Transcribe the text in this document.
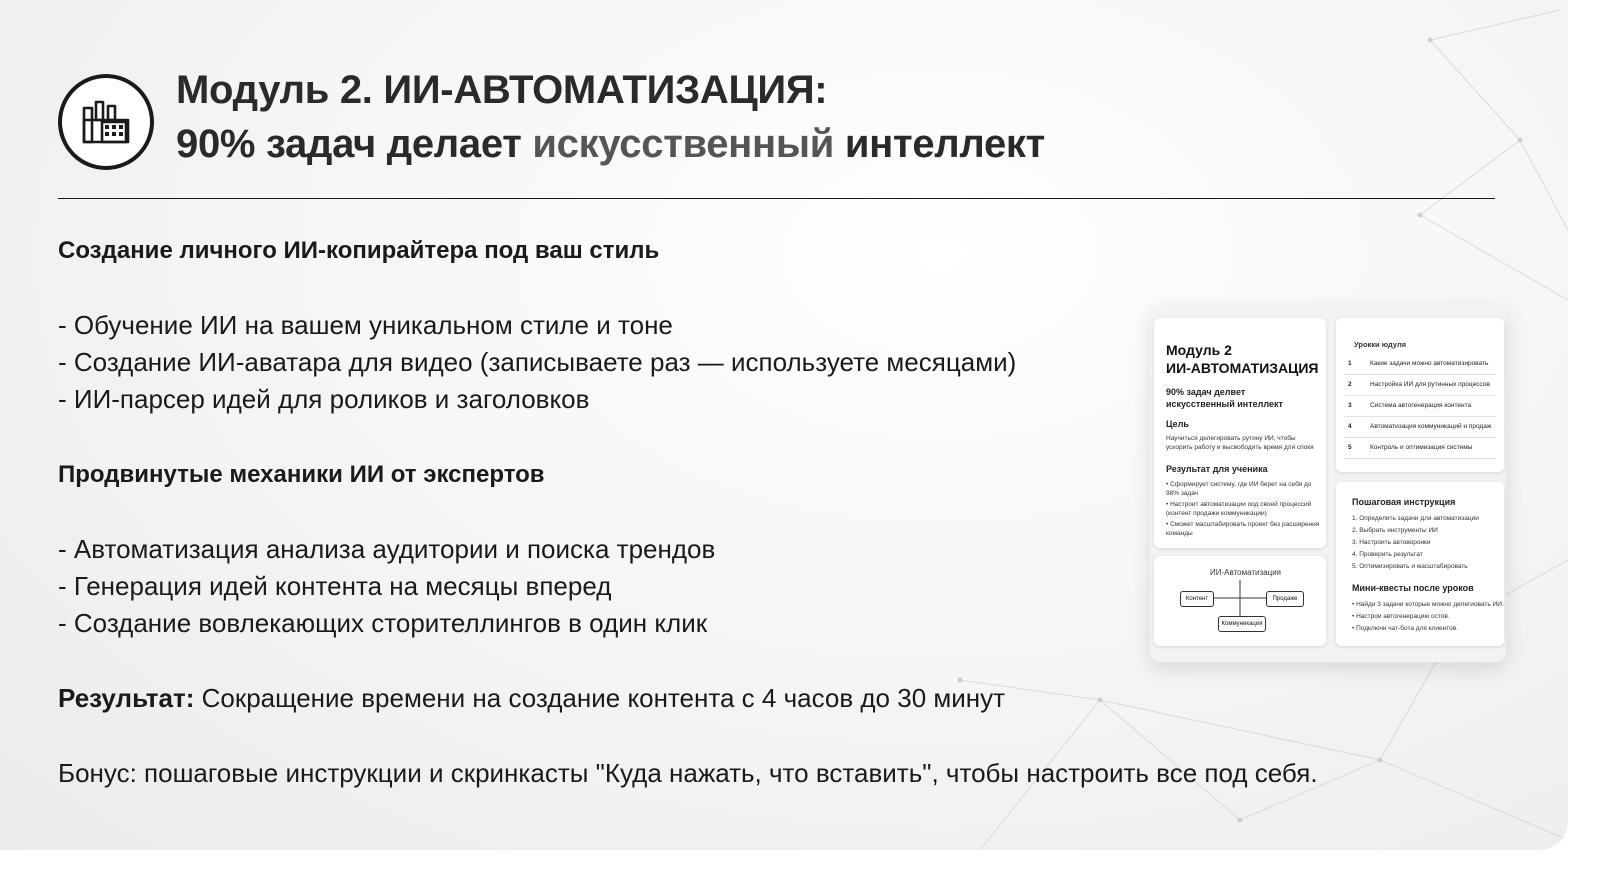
Модуль 2. ИИ-АВТОМАТИЗАЦИЯ:
90% задач делает искусственный интеллект
Создание личного ИИ-копирайтера под ваш стиль
- Обучение ИИ на вашем уникальном стиле и тоне
- Создание ИИ-аватара для видео (записываете раз — используете месяцами)
- ИИ-парсер идей для роликов и заголовков
Продвинутые механики ИИ от экспертов
- Автоматизация анализа аудитории и поиска трендов
- Генерация идей контента на месяцы вперед
- Создание вовлекающих сторителлингов в один клик
Результат: Сокращение времени на создание контента с 4 часов до 30 минут
Бонус: пошаговые инструкции и скринкасты "Куда нажать, что вставить", чтобы настроить все под себя.
Модуль 2
ИИ-АВТОМАТИЗАЦИЯ
90% задач делвет
искусственный интеллект
Цель
Научиться делегировать рутину ИИ, чтобы
ускорить работу и высвободить время для спокя
Результат для ученика
• Сформирует систему, где ИИ берет на себя до
98% задач
• Настроит автоматизации под своей процессий
(контент продажи коммуникации)
• Сможет масштабировать проект без расширения
команды
ИИ-Автоматизация
Контент	Продаже
Коммуникация
Урокки юдуля
1	Какие задачи можно автоматизировать
2	Настройка ИИ для рутинных процессов
3	Система автогенерация контента
4	Автоматизация коммуникаций и продаж
5	Контроль и оптимизация системы
Пошаговая инструкция
1. Определить задачи для автоматизации
2. Выбрать инструменты ИИ
3. Настроить автоворонки
4. Проверить результат
5. Оптимизировать и масштабировать
Мини-квесты после уроков
• Найди 3 задачи которые можно делегиовать ИИ.
• Настрои автогенерацию остов.
• Подключи чат-бота для клиентов.
